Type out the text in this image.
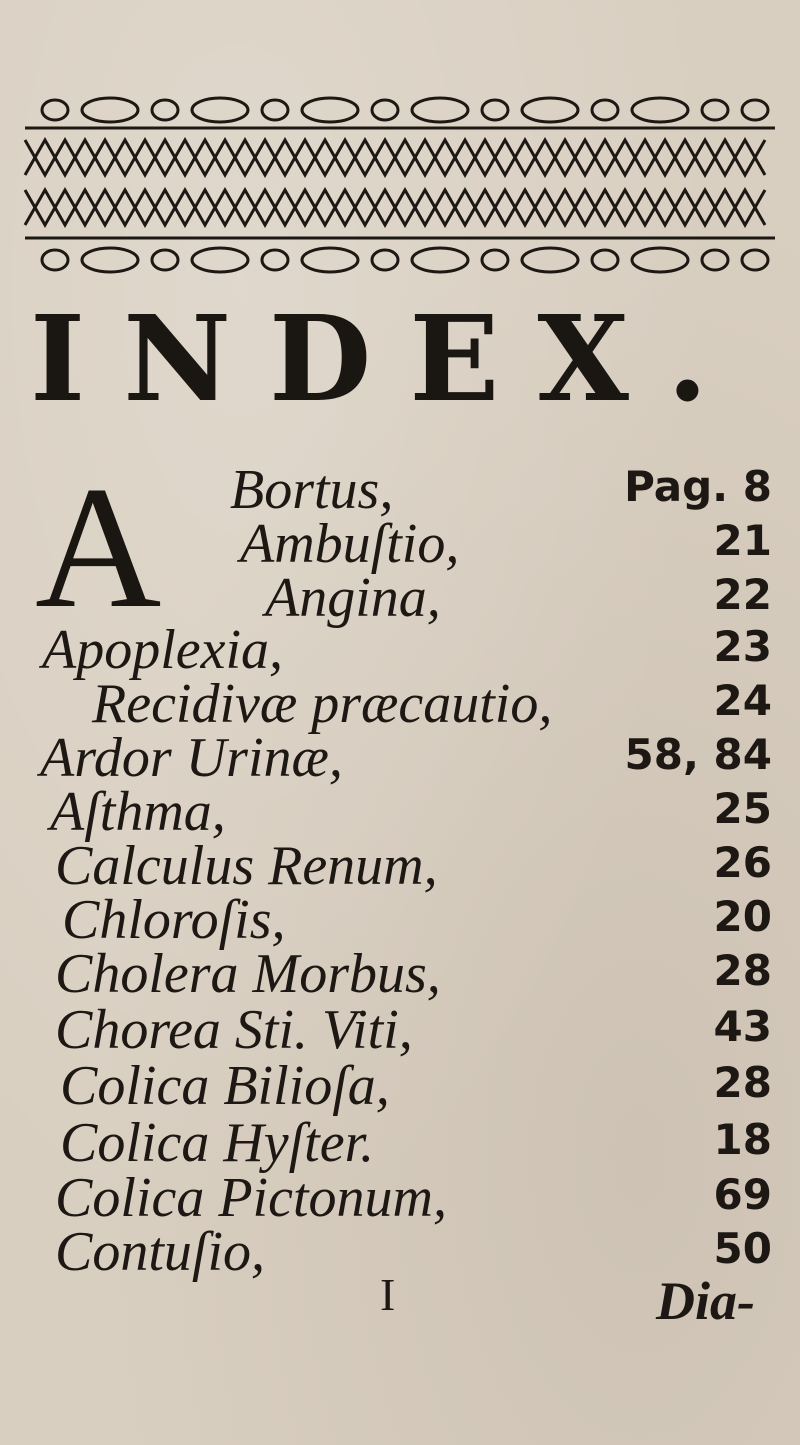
INDEX.
A Bortus,	Pag. 8
Ambuſtio,	21
Angina,	22
Apoplexia,	23
Recidivæ præcautio,	24
Ardor Urinæ,	58, 84
Aſthma,	25
Calculus Renum,	26
Chloroſis,	20
Cholera Morbus,	28
Chorea Sti. Viti,	43
Colica Bilioſa,	28
Colica Hyſter.	18
Colica Pictonum,	69
Contuſio,	50
I	Dia-
